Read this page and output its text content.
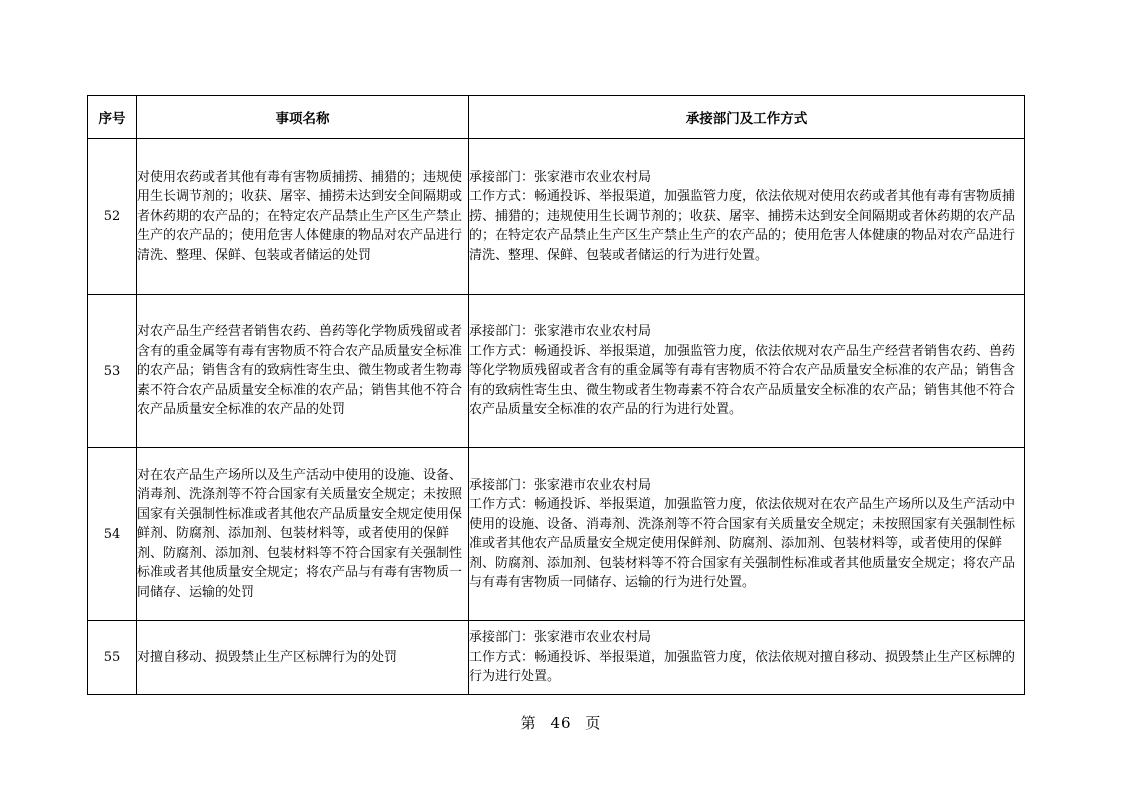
序号	事项名称	承接部门及工作方式
52	对使用农药或者其他有毒有害物质捕捞、捕猎的；违规使用生长调节剂的；收获、屠宰、捕捞未达到安全间隔期或者休药期的农产品的；在特定农产品禁止生产区生产禁止生产的农产品的；使用危害人体健康的物品对农产品进行清洗、整理、保鲜、包装或者储运的处罚	承接部门：张家港市农业农村局
工作方式：畅通投诉、举报渠道，加强监管力度，依法依规对使用农药或者其他有毒有害物质捕捞、捕猎的；违规使用生长调节剂的；收获、屠宰、捕捞未达到安全间隔期或者休药期的农产品的；在特定农产品禁止生产区生产禁止生产的农产品的；使用危害人体健康的物品对农产品进行清洗、整理、保鲜、包装或者储运的行为进行处置。

53	对农产品生产经营者销售农药、兽药等化学物质残留或者含有的重金属等有毒有害物质不符合农产品质量安全标准的农产品；销售含有的致病性寄生虫、微生物或者生物毒素不符合农产品质量安全标准的农产品；销售其他不符合农产品质量安全标准的农产品的处罚	承接部门：张家港市农业农村局
工作方式：畅通投诉、举报渠道，加强监管力度，依法依规对农产品生产经营者销售农药、兽药等化学物质残留或者含有的重金属等有毒有害物质不符合农产品质量安全标准的农产品；销售含有的致病性寄生虫、微生物或者生物毒素不符合农产品质量安全标准的农产品；销售其他不符合农产品质量安全标准的农产品的行为进行处置。

54	对在农产品生产场所以及生产活动中使用的设施、设备、消毒剂、洗涤剂等不符合国家有关质量安全规定；未按照国家有关强制性标准或者其他农产品质量安全规定使用保鲜剂、防腐剂、添加剂、包装材料等，或者使用的保鲜剂、防腐剂、添加剂、包装材料等不符合国家有关强制性标准或者其他质量安全规定；将农产品与有毒有害物质一同储存、运输的处罚	承接部门：张家港市农业农村局
工作方式：畅通投诉、举报渠道，加强监管力度，依法依规对在农产品生产场所以及生产活动中使用的设施、设备、消毒剂、洗涤剂等不符合国家有关质量安全规定；未按照国家有关强制性标准或者其他农产品质量安全规定使用保鲜剂、防腐剂、添加剂、包装材料等，或者使用的保鲜剂、防腐剂、添加剂、包装材料等不符合国家有关强制性标准或者其他质量安全规定；将农产品与有毒有害物质一同储存、运输的行为进行处置。

55	对擅自移动、损毁禁止生产区标牌行为的处罚	承接部门：张家港市农业农村局
工作方式：畅通投诉、举报渠道，加强监管力度，依法依规对擅自移动、损毁禁止生产区标牌的行为进行处置。
第 46 页
